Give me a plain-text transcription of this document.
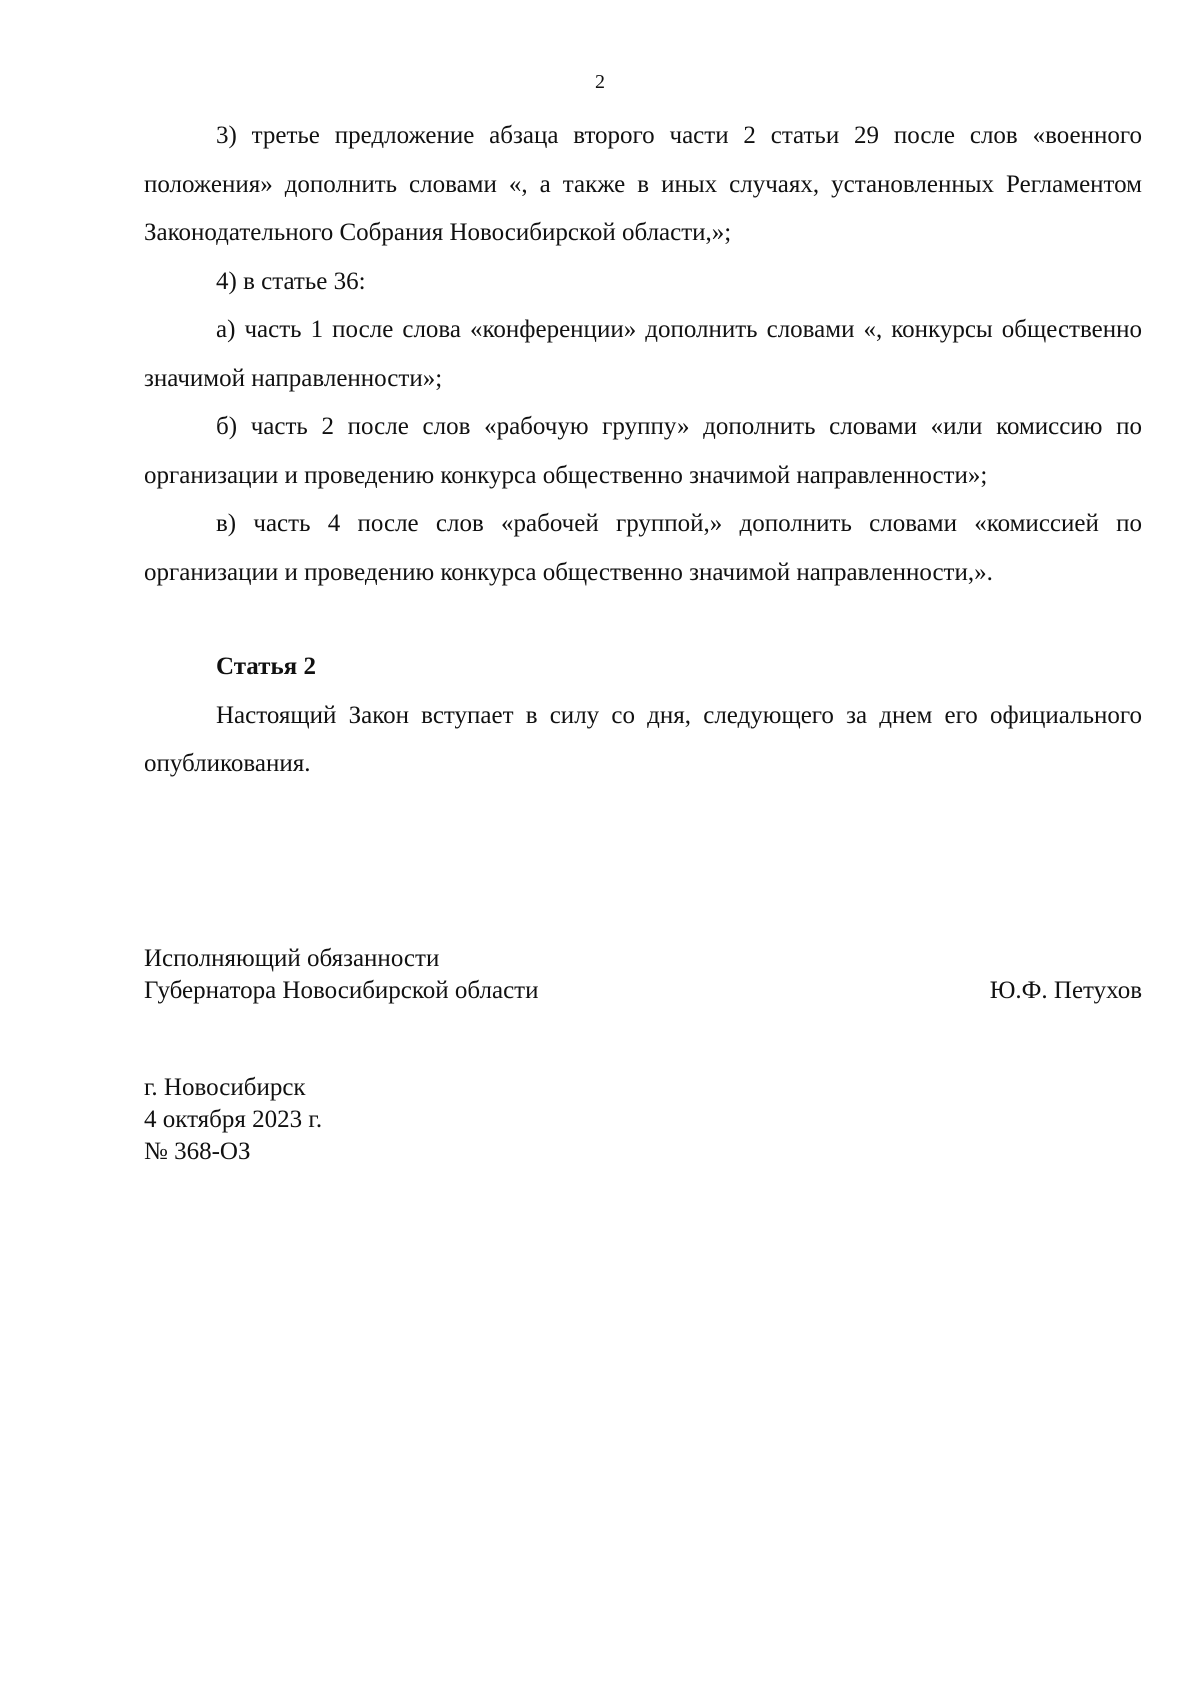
2

3) третье предложение абзаца второго части 2 статьи 29 после слов «военного положения» дополнить словами «, а также в иных случаях, установленных Регламентом Законодательного Собрания Новосибирской области,»;

4) в статье 36:

а) часть 1 после слова «конференции» дополнить словами «, конкурсы общественно значимой направленности»;

б) часть 2 после слов «рабочую группу» дополнить словами «или комиссию по организации и проведению конкурса общественно значимой направленности»;

в) часть 4 после слов «рабочей группой,» дополнить словами «комиссией по организации и проведению конкурса общественно значимой направленности,».

Статья 2

Настоящий Закон вступает в силу со дня, следующего за днем его официального опубликования.

Исполняющий обязанности
Губернатора Новосибирской области	Ю.Ф. Петухов
г. Новосибирск
4 октября 2023 г.
№ 368-ОЗ
